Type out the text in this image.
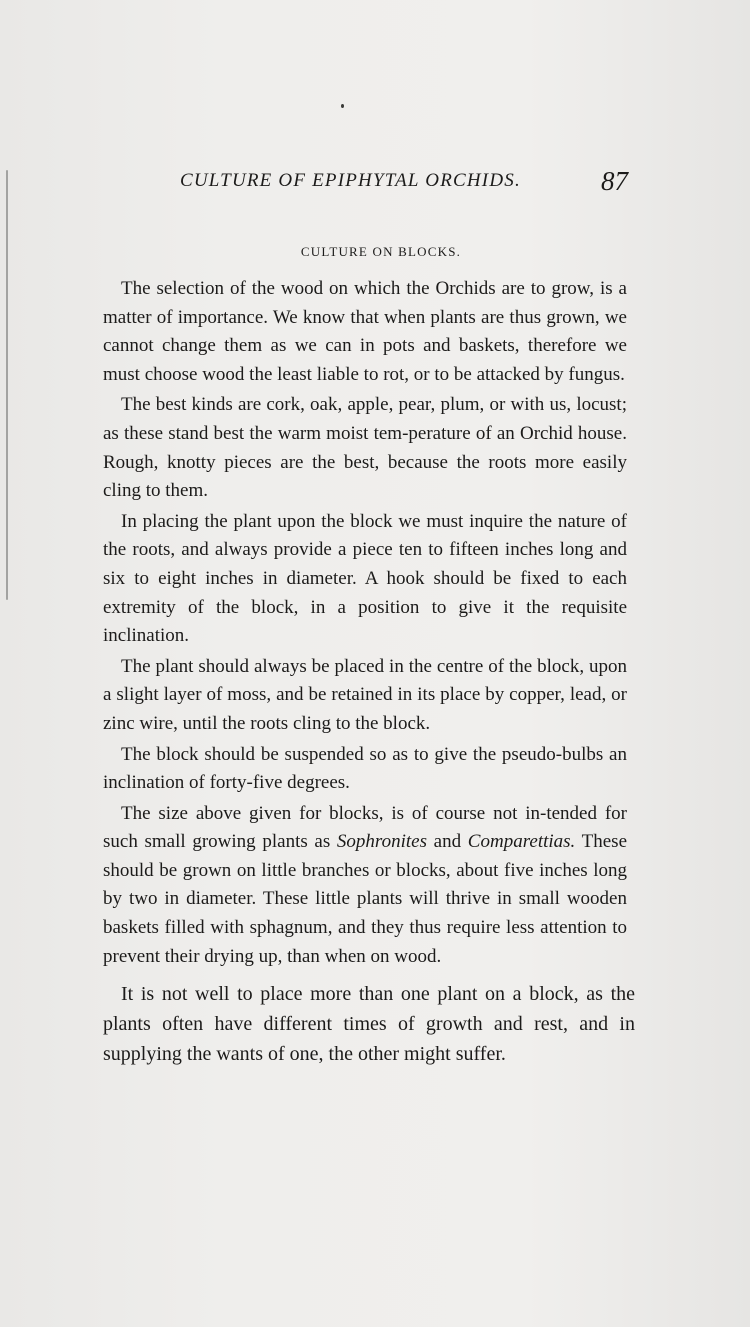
CULTURE OF EPIPHYTAL ORCHIDS.	87
CULTURE ON BLOCKS.

The selection of the wood on which the Orchids are to grow, is a matter of importance. We know that when plants are thus grown, we cannot change them as we can in pots and baskets, therefore we must choose wood the least liable to rot, or to be attacked by fungus.

The best kinds are cork, oak, apple, pear, plum, or with us, locust; as these stand best the warm moist tem-perature of an Orchid house. Rough, knotty pieces are the best, because the roots more easily cling to them.

In placing the plant upon the block we must inquire the nature of the roots, and always provide a piece ten to fifteen inches long and six to eight inches in diameter. A hook should be fixed to each extremity of the block, in a position to give it the requisite inclination.

The plant should always be placed in the centre of the block, upon a slight layer of moss, and be retained in its place by copper, lead, or zinc wire, until the roots cling to the block.

The block should be suspended so as to give the pseudo-bulbs an inclination of forty-five degrees.

The size above given for blocks, is of course not in-tended for such small growing plants as Sophronites and Comparettias. These should be grown on little branches or blocks, about five inches long by two in diameter. These little plants will thrive in small wooden baskets filled with sphagnum, and they thus require less attention to prevent their drying up, than when on wood.

It is not well to place more than one plant on a block, as the plants often have different times of growth and rest, and in supplying the wants of one, the other might suffer.
